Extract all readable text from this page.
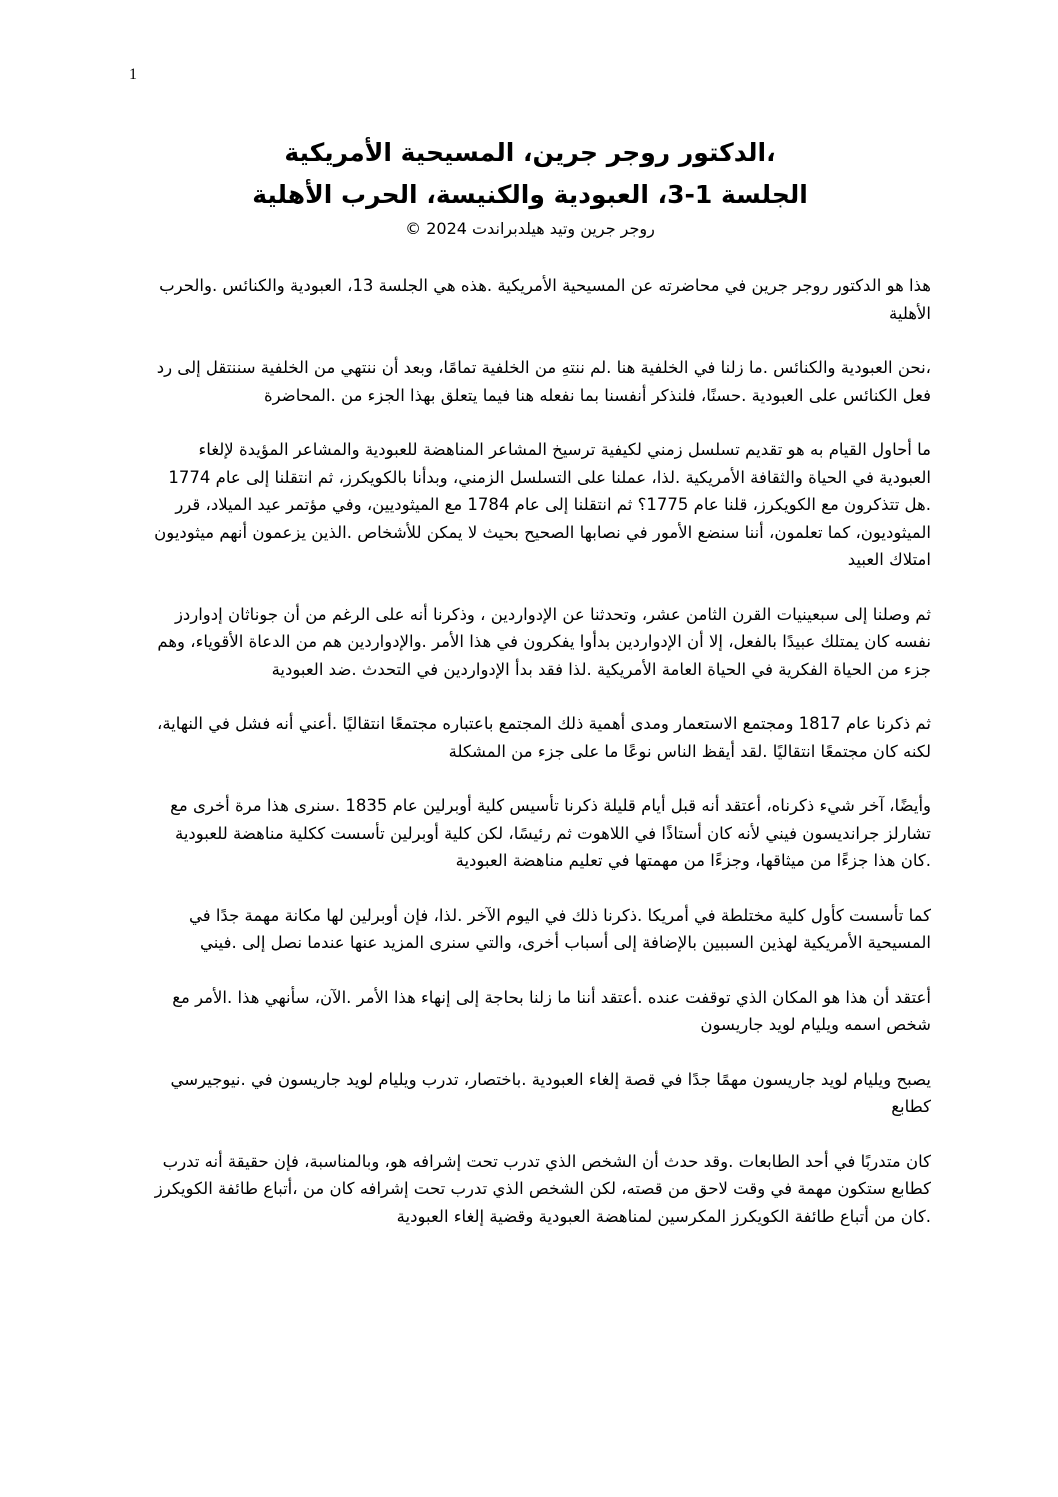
1
،الدكتور روجر جرين، المسيحية الأمريكية
الجلسة 1-3، العبودية والكنيسة، الحرب الأهلية
روجر جرين وتيد هيلدبراندت 2024 ©

هذا هو الدكتور روجر جرين في محاضرته عن المسيحية الأمريكية .هذه هي الجلسة 13، العبودية والكنائس .والحرب الأهلية

،نحن العبودية والكنائس .ما زلنا في الخلفية هنا .لم ننتهِ من الخلفية تمامًا، وبعد أن ننتهي من الخلفية سننتقل إلى رد فعل الكنائس على العبودية .حسنًا، فلنذكر أنفسنا بما نفعله هنا فيما يتعلق بهذا الجزء من .المحاضرة

ما أحاول القيام به هو تقديم تسلسل زمني لكيفية ترسيخ المشاعر المناهضة للعبودية والمشاعر المؤيدة لإلغاء العبودية في الحياة والثقافة الأمريكية .لذا، عملنا على التسلسل الزمني، وبدأنا بالكويكرز، ثم انتقلنا إلى عام 1774 .هل تتذكرون مع الكويكرز، قلنا عام 1775؟ ثم انتقلنا إلى عام 1784 مع الميثوديين، وفي مؤتمر عيد الميلاد، قرر الميثوديون، كما تعلمون، أننا سنضع الأمور في نصابها الصحيح بحيث لا يمكن للأشخاص .الذين يزعمون أنهم ميثوديون امتلاك العبيد

ثم وصلنا إلى سبعينيات القرن الثامن عشر، وتحدثنا عن الإدواردين ، وذكرنا أنه على الرغم من أن جوناثان إدواردز نفسه كان يمتلك عبيدًا بالفعل، إلا أن الإدواردين بدأوا يفكرون في هذا الأمر .والإدواردين هم من الدعاة الأقوياء، وهم جزء من الحياة الفكرية في الحياة العامة الأمريكية .لذا فقد بدأ الإدواردين في التحدث .ضد العبودية

ثم ذكرنا عام 1817 ومجتمع الاستعمار ومدى أهمية ذلك المجتمع باعتباره مجتمعًا انتقاليًا .أعني أنه فشل في النهاية، لكنه كان مجتمعًا انتقاليًا .لقد أيقظ الناس نوعًا ما على جزء من المشكلة

وأيضًا، آخر شيء ذكرناه، أعتقد أنه قبل أيام قليلة ذكرنا تأسيس كلية أوبرلين عام 1835 .سنرى هذا مرة أخرى مع تشارلز جرانديسون فيني لأنه كان أستاذًا في اللاهوت ثم رئيسًا، لكن كلية أوبرلين تأسست ككلية مناهضة للعبودية .كان هذا جزءًا من ميثاقها، وجزءًا من مهمتها في تعليم مناهضة العبودية

كما تأسست كأول كلية مختلطة في أمريكا .ذكرنا ذلك في اليوم الآخر .لذا، فإن أوبرلين لها مكانة مهمة جدًا في المسيحية الأمريكية لهذين السببين بالإضافة إلى أسباب أخرى، والتي سنرى المزيد عنها عندما نصل إلى .فيني

أعتقد أن هذا هو المكان الذي توقفت عنده .أعتقد أننا ما زلنا بحاجة إلى إنهاء هذا الأمر .الآن، سأنهي هذا .الأمر مع شخص اسمه ويليام لويد جاريسون

يصبح ويليام لويد جاريسون مهمًا جدًا في قصة إلغاء العبودية .باختصار، تدرب ويليام لويد جاريسون في .نيوجيرسي كطابع

كان متدربًا في أحد الطابعات .وقد حدث أن الشخص الذي تدرب تحت إشرافه هو، وبالمناسبة، فإن حقيقة أنه تدرب كطابع ستكون مهمة في وقت لاحق من قصته، لكن الشخص الذي تدرب تحت إشرافه كان من ،أتباع طائفة الكويكرز .كان من أتباع طائفة الكويكرز المكرسين لمناهضة العبودية وقضية إلغاء العبودية
